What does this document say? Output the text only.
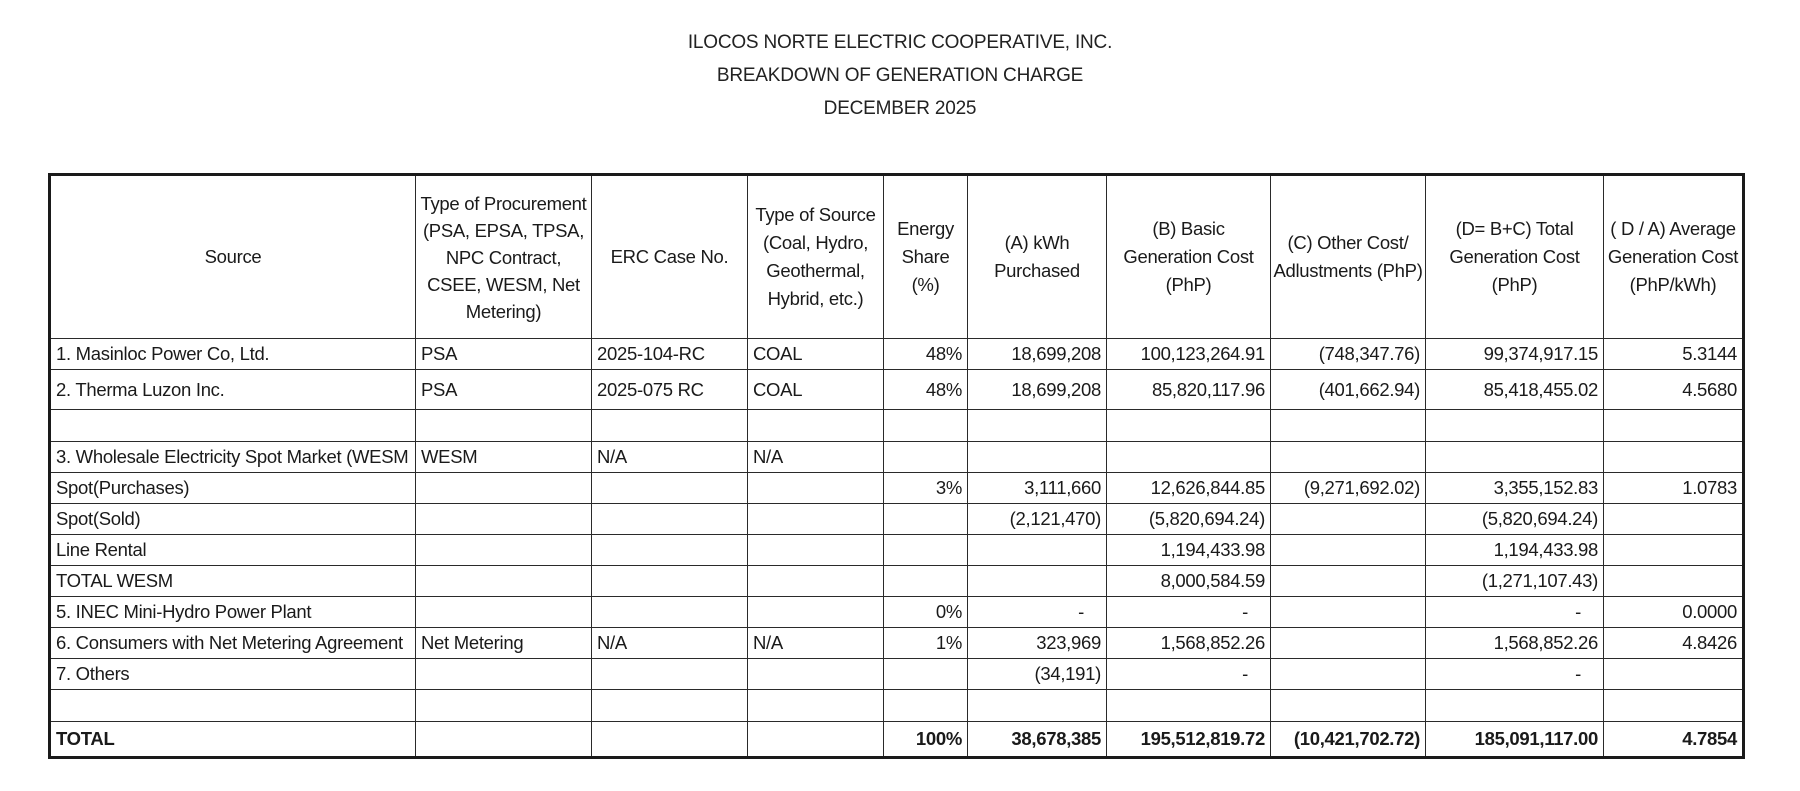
ILOCOS NORTE ELECTRIC COOPERATIVE, INC.
BREAKDOWN OF GENERATION CHARGE
DECEMBER 2025
Source	Type of Procurement (PSA, EPSA, TPSA, NPC Contract, CSEE, WESM, Net Metering)	ERC Case No.	Type of Source (Coal, Hydro, Geothermal, Hybrid, etc.)	Energy Share (%)	(A) kWh Purchased	(B) Basic Generation Cost (PhP)	(C) Other Cost/ Adlustments (PhP)	(D= B+C) Total Generation Cost (PhP)	( D / A) Average Generation Cost (PhP/kWh)
1. Masinloc Power Co, Ltd.	PSA	2025-104-RC	COAL	48%	18,699,208	100,123,264.91	(748,347.76)	99,374,917.15	5.3144
2. Therma Luzon Inc.	PSA	2025-075 RC	COAL	48%	18,699,208	85,820,117.96	(401,662.94)	85,418,455.02	4.5680

3. Wholesale Electricity Spot Market (WESM	WESM	N/A	N/A						
Spot(Purchases)				3%	3,111,660	12,626,844.85	(9,271,692.02)	3,355,152.83	1.0783
Spot(Sold)					(2,121,470)	(5,820,694.24)		(5,820,694.24)	
Line Rental						1,194,433.98		1,194,433.98	
TOTAL WESM						8,000,584.59		(1,271,107.43)	
5. INEC Mini-Hydro Power Plant				0%	-	-		-	0.0000
6. Consumers with Net Metering Agreement	Net Metering	N/A	N/A	1%	323,969	1,568,852.26		1,568,852.26	4.8426
7. Others					(34,191)	-		-	

TOTAL				100%	38,678,385	195,512,819.72	(10,421,702.72)	185,091,117.00	4.7854
